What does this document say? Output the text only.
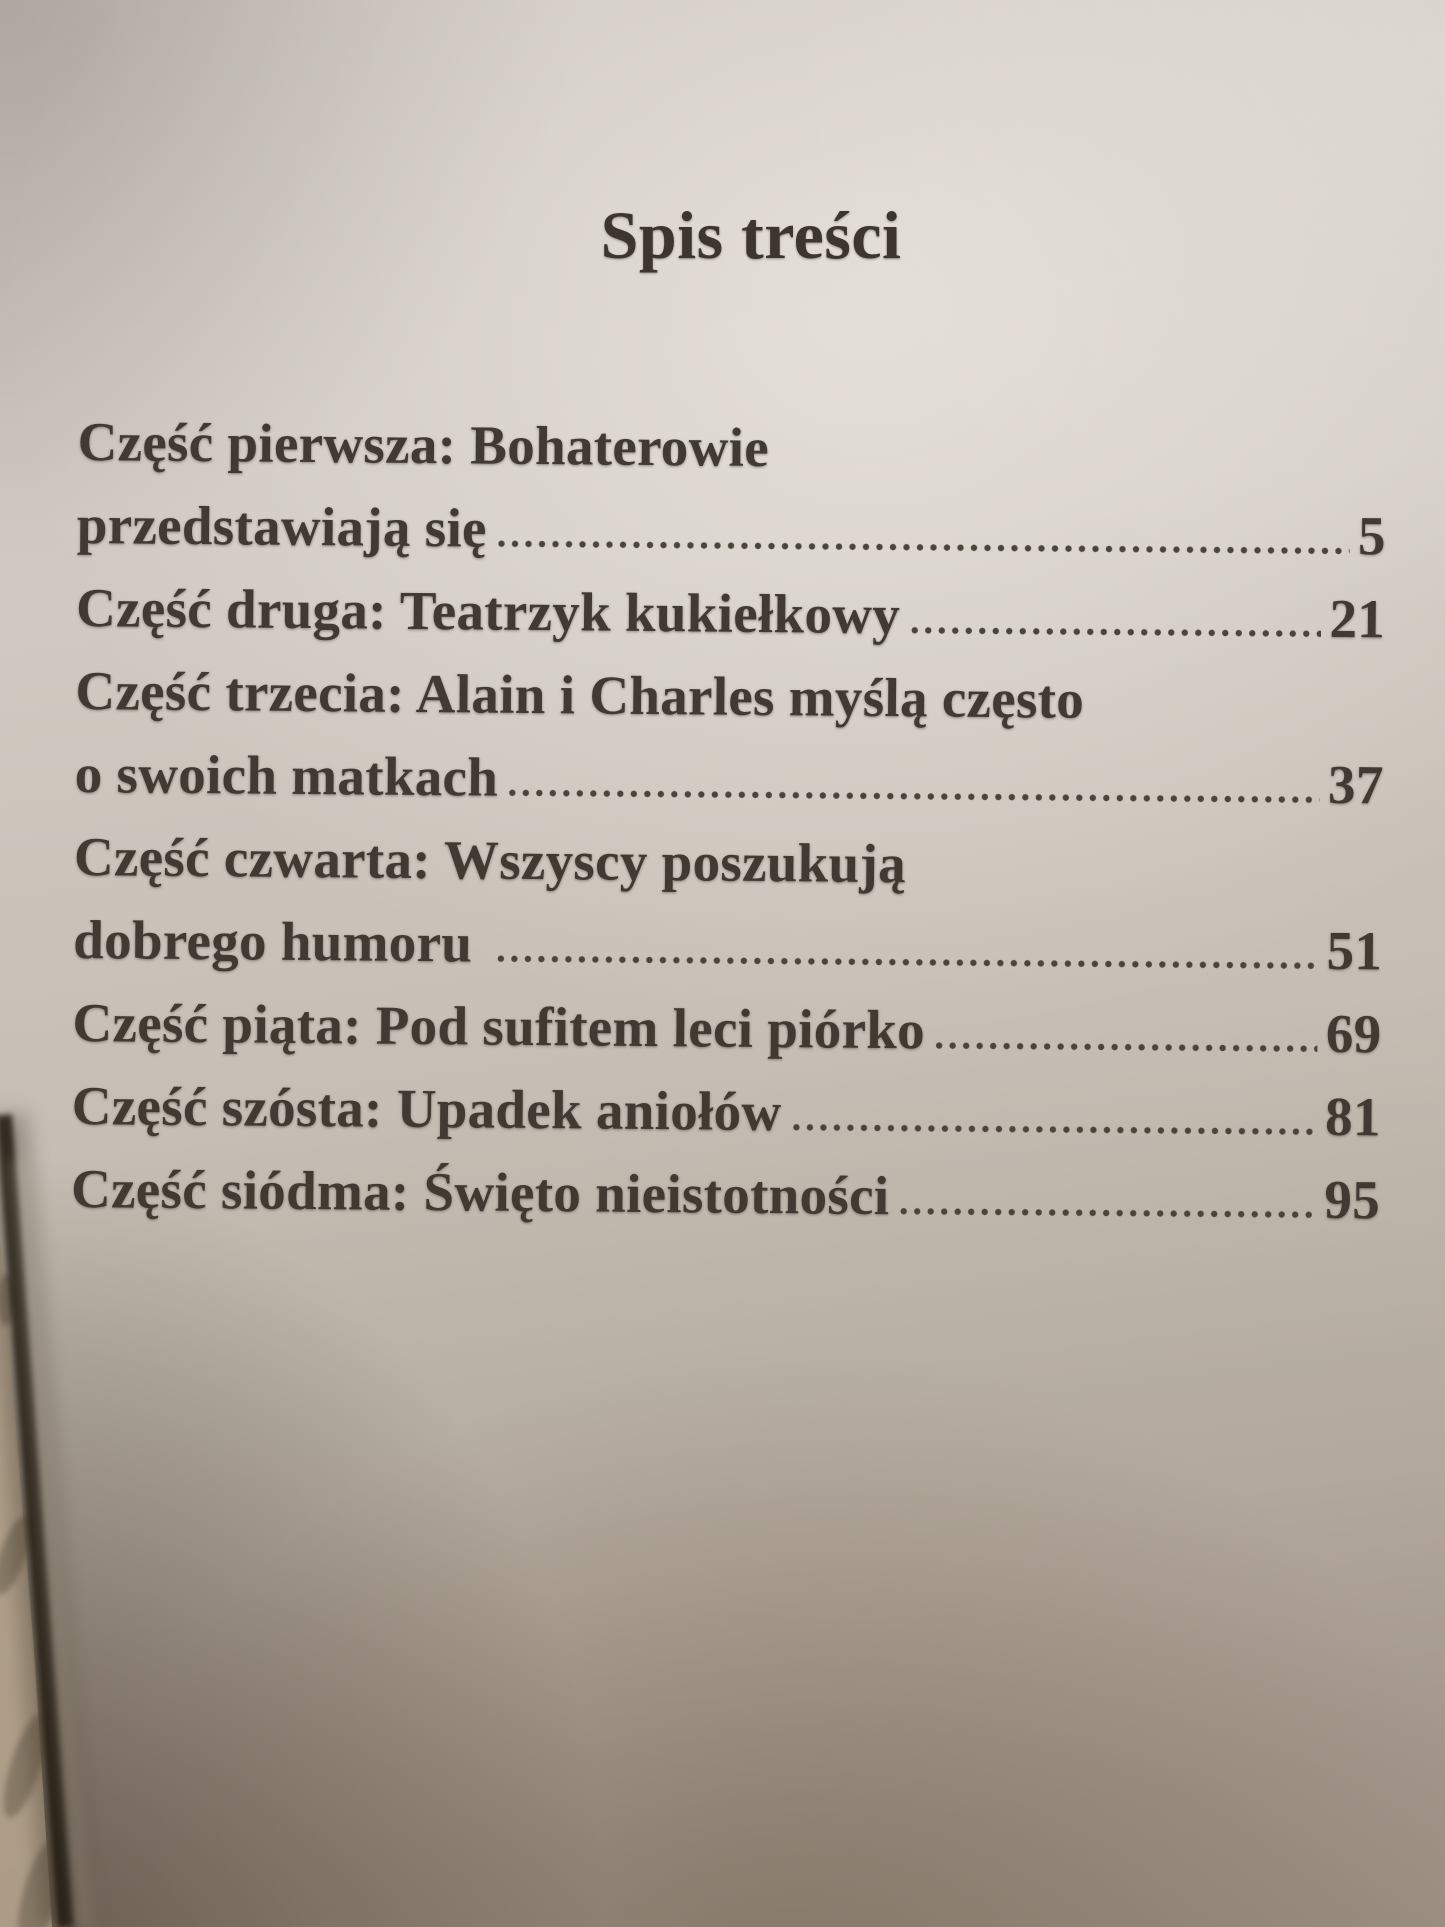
Spis treści
Część pierwsza: Bohaterowie
przedstawiają się	5
Część druga: Teatrzyk kukiełkowy	21
Część trzecia: Alain i Charles myślą często
o swoich matkach	37
Część czwarta: Wszyscy poszukują
dobrego humoru	51
Część piąta: Pod sufitem leci piórko	69
Część szósta: Upadek aniołów	81
Część siódma: Święto nieistotności	95
